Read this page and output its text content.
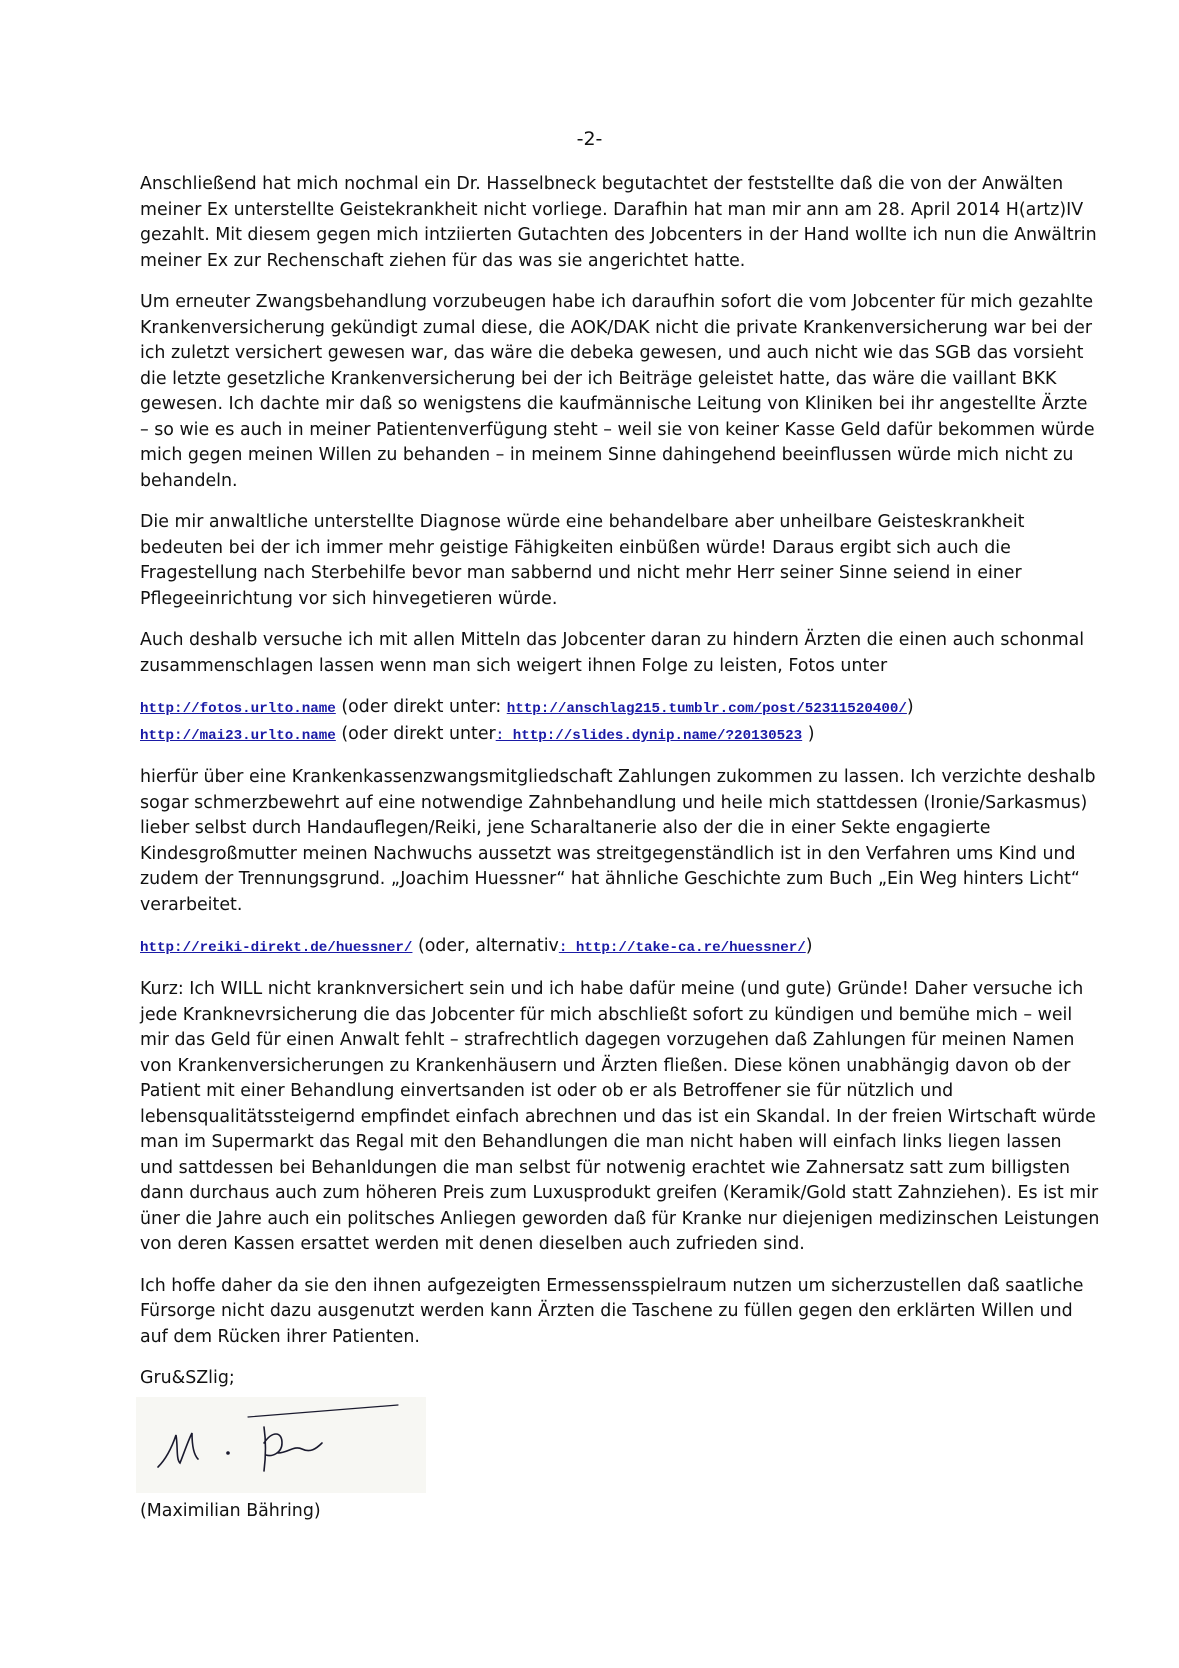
-2-

Anschließend hat mich nochmal ein Dr. Hasselbneck begutachtet der feststellte daß die von der Anwälten meiner Ex unterstellte Geistekrankheit nicht vorliege. Darafhin hat man mir ann am 28. April 2014 H(artz)IV gezahlt. Mit diesem gegen mich intziierten Gutachten des Jobcenters in der Hand wollte ich nun die Anwältrin meiner Ex zur Rechenschaft ziehen für das was sie angerichtet hatte.

Um erneuter Zwangsbehandlung vorzubeugen habe ich daraufhin sofort die vom Jobcenter für mich gezahlte Krankenversicherung gekündigt zumal diese, die AOK/DAK nicht die private Krankenversicherung war bei der ich zuletzt versichert gewesen war, das wäre die debeka gewesen, und auch nicht wie das SGB das vorsieht die letzte gesetzliche Krankenversicherung bei der ich Beiträge geleistet hatte, das wäre die vaillant BKK gewesen. Ich dachte mir daß so wenigstens die kaufmännische Leitung von Kliniken bei ihr angestellte Ärzte – so wie es auch in meiner Patientenverfügung steht – weil sie von keiner Kasse Geld dafür bekommen würde mich gegen meinen Willen zu behanden – in meinem Sinne dahingehend beeinflussen würde mich nicht zu behandeln.

Die mir anwaltliche unterstellte Diagnose würde eine behandelbare aber unheilbare Geisteskrankheit bedeuten bei der ich immer mehr geistige Fähigkeiten einbüßen würde! Daraus ergibt sich auch die Fragestellung nach Sterbehilfe bevor man sabbernd und nicht mehr Herr seiner Sinne seiend in einer Pflegeeinrichtung vor sich hinvegetieren würde.

Auch deshalb versuche ich mit allen Mitteln das Jobcenter daran zu hindern Ärzten die einen auch schonmal zusammenschlagen lassen wenn man sich weigert ihnen Folge zu leisten, Fotos unter

http://fotos.urlto.name (oder direkt unter: http://anschlag215.tumblr.com/post/52311520400/)

http://mai23.urlto.name (oder direkt unter: http://slides.dynip.name/?20130523 )

hierfür über eine Krankenkassenzwangsmitgliedschaft Zahlungen zukommen zu lassen. Ich verzichte deshalb sogar schmerzbewehrt auf eine notwendige Zahnbehandlung und heile mich stattdessen (Ironie/Sarkasmus) lieber selbst durch Handauflegen/Reiki, jene Scharaltanerie also der die in einer Sekte engagierte Kindesgroßmutter meinen Nachwuchs aussetzt was streitgegenständlich ist in den Verfahren ums Kind und zudem der Trennungsgrund. „Joachim Huessner“ hat ähnliche Geschichte zum Buch „Ein Weg hinters Licht“ verarbeitet.

http://reiki-direkt.de/huessner/ (oder, alternativ: http://take-ca.re/huessner/)

Kurz: Ich WILL nicht kranknversichert sein und ich habe dafür meine (und gute) Gründe! Daher versuche ich jede Kranknevrsicherung die das Jobcenter für mich abschließt sofort zu kündigen und bemühe mich – weil mir das Geld für einen Anwalt fehlt – strafrechtlich dagegen vorzugehen daß Zahlungen für meinen Namen von Krankenversicherungen zu Krankenhäusern und Ärzten fließen. Diese könen unabhängig davon ob der Patient mit einer Behandlung einvertsanden ist oder ob er als Betroffener sie für nützlich und lebensqualitätssteigernd empfindet einfach abrechnen und das ist ein Skandal. In der freien Wirtschaft würde man im Supermarkt das Regal mit den Behandlungen die man nicht haben will einfach links liegen lassen und sattdessen bei Behanldungen die man selbst für notwenig erachtet wie Zahnersatz satt zum billigsten dann durchaus auch zum höheren Preis zum Luxusprodukt greifen (Keramik/Gold statt Zahnziehen). Es ist mir üner die Jahre auch ein politsches Anliegen geworden daß für Kranke nur diejenigen medizinschen Leistungen von deren Kassen ersattet werden mit denen dieselben auch zufrieden sind.

Ich hoffe daher da sie den ihnen aufgezeigten Ermessensspielraum nutzen um sicherzustellen daß saatliche Fürsorge nicht dazu ausgenutzt werden kann Ärzten die Taschene zu füllen gegen den erklärten Willen und auf dem Rücken ihrer Patienten.

Gru&SZlig;

(Maximilian Bähring)
